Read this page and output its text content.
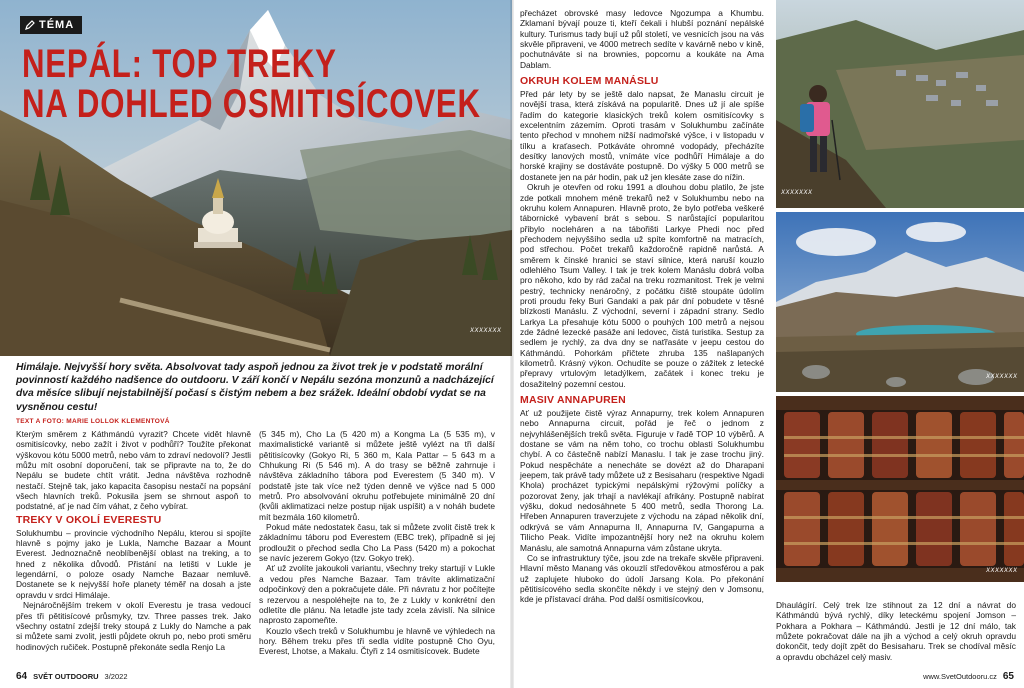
TÉMA
NEPÁL: TOP TREKY
NA DOHLED OSMITISÍCOVEK
XXXXXXX
Himálaje. Nejvyšší hory světa. Absolvovat tady aspoň jednou za život trek je v podstatě morální povinností každého nadšence do outdooru. V září končí v Nepálu sezóna monzunů a nadcházející dva měsíce slibují nejstabilnější počasí s čistým nebem a bez srážek. Ideální období vydat se na vysněnou cestu!
TEXT A FOTO: MARIE LOLLOK KLEMENTOVÁ

Kterým směrem z Káthmándú vyrazit? Chcete vidět hlavně osmitisícovky, nebo zažít i život v podhůří? Toužíte překonat výškovou kótu 5000 metrů, nebo vám to zdraví nedovolí? Jestli můžu mít osobní doporučení, tak se připravte na to, že do Nepálu se budete chtít vrátit. Jedna návštěva rozhodně nestačí. Stejně tak, jako kapacita časopisu nestačí na popsání všech hlavních treků. Pokusila jsem se shrnout aspoň to podstatné, ať je nad čím váhat, z čeho vybírat.

TREKY V OKOLÍ EVERESTU

Solukhumbu – provincie východního Nepálu, kterou si spojíte hlavně s pojmy jako je Lukla, Namche Bazaar a Mount Everest. Jednoznačně neoblíbenější oblast na treking, a to hned z několika důvodů. Přistání na letišti v Lukle je legendární, o poloze osady Namche Bazaar nemluvě. Dostanete se k nejvyšší hoře planety téměř na dosah a jste opravdu v srdci Himálaje.

Nejnáročnějším trekem v okolí Everestu je trasa vedoucí přes tři pětitisícové průsmyky, tzv. Three passes trek. Jako všechny ostatní zdejší treky stoupá z Lukly do Namche a pak si můžete sami zvolit, jestli půjdete okruh po, nebo proti směru hodinových ručiček. Postupně překonáte sedla Renjo La

(5 345 m), Cho La (5 420 m) a Kongma La (5 535 m), v maximalistické variantě si můžete ještě vylézt na tři další pětitisícovky (Gokyo Ri, 5 360 m, Kala Pattar – 5 643 m a Chhukung Ri (5 546 m). A do trasy se běžně zahrnuje i návštěva základního tábora pod Everestem (5 340 m). V podstatě jste tak více než týden denně ve výšce nad 5 000 metrů. Pro absolvování okruhu potřebujete minimálně 20 dní (kvůli aklimatizaci nelze postup nijak uspíšit) a v noháh budete mít bezmála 160 kilometrů.

Pokud máte nedostatek času, tak si můžete zvolit čistě trek k základnímu táboru pod Everestem (EBC trek), případně si jej prodloužit o přechod sedla Cho La Pass (5420 m) a pokochat se navíc jezerem Gokyo (tzv. Gokyo trek).

Ať už zvolíte jakoukoli variantu, všechny treky startují v Lukle a vedou přes Namche Bazaar. Tam trávíte aklimatizační odpočinkový den a pokračujete dále. Při návratu z hor počítejte s rezervou a nespoléhejte na to, že z Lukly v konkrétní den odletíte dle plánu. Na letadle jste tady zcela závislí. Na silnice naprosto zapomeňte.

Kouzlo všech treků v Solukhumbu je hlavně ve výhledech na hory. Během treku přes tři sedla vidíte postupně Cho Oyu, Everest, Lhotse, a Makalu. Čtyři z 14 osmitisícovek. Budete

64 SVĚT OUTDOORU 3/2022

přecházet obrovské masy ledovce Ngozumpa a Khumbu. Zklamaní bývají pouze ti, kteří čekali i hlubší poznání nepálské kultury. Turismus tady bují už půl století, ve vesnicích jsou na vás skvěle připraveni, ve 4000 metrech sedíte v kavárně nebo v kině, pochutnáváte si na brownies, popcornu a koukáte na Ama Dablam.

OKRUH KOLEM MANÁSLU

Před pár lety by se ještě dalo napsat, že Manaslu circuit je novější trasa, která získává na popularitě. Dnes už jí ale spíše řadím do kategorie klasických treků kolem osmitisícovky s excelentním zázemím. Oproti trasám v Solukhumbu začínáte tento přechod v mnohem nižší nadmořské výšce, i v listopadu v tílku a kraťasech. Potkáváte ohromné vodopády, přecházíte desítky lanových mostů, vnímáte více podhůří Himálaje a do horské krajiny se dostáváte postupně. Do výšky 5 000 metrů se dostanete jen na pár hodin, pak už jen klesáte zase do nížin.

Okruh je otevřen od roku 1991 a dlouhou dobu platilo, že jste zde potkali mnohem méně trekařů než v Solukhumbu nebo na okruhu kolem Annapuren. Hlavně proto, že bylo potřeba veškeré tábornické vybavení brát s sebou. S narůstající popularitou přibylo nocleháren a na tábořišti Larkye Phedi noc před přechodem nejvyššího sedla už spíte komfortně na matracích, pod střechou. Počet trekařů každoročně rapidně narůstá. A směrem k čínské hranici se staví silnice, která naruší kouzlo odlehlého Tsum Valley. I tak je trek kolem Manáslu dobrá volba pro někoho, kdo by rád začal na treku rozmanitost. Trek je velmi pestrý, technicky nenáročný, z počátku čiště stoupáte údolím proti proudu řeky Buri Gandaki a pak pár dní pobudete v těsné blízkosti Manáslu. Z východní, severní i západní strany. Sedlo Larkya La přesahuje kótu 5000 o pouhých 100 metrů a nejsou zde žádné lezecké pasáže ani ledovec, čistá turistika. Sestup za sedlem je rychlý, za dva dny se naťřasáte v jeepu cestou do Káthmándú. Pohorkám přičtete zhruba 135 našlapaných kilometrů. Krásný výkon. Ochudíte se pouze o zážitek z letecké přepravy vrtulovým letadýlkem, začátek i konec treku je dosažitelný pozemní cestou.

MASIV ANNAPUREN

Ať už použijete čistě výraz Annapurny, trek kolem Annapuren nebo Annapurna circuit, pořád je řeč o jednom z nejvyhlášenějších treků světa. Figuruje v řadě TOP 10 výběrů. A dostane se vám na něm toho, co trochu oblasti Solukhumbu chybí. A co částečně nabízí Manaslu. I tak je zase trochu jiný. Pokud nespěcháte a nenecháte se dovézt až do Dharapani jeepem, tak právě tady můžete už z Besisaharu (respektive Ngadi Khola) procházet typickými nepálskými rýžovými políčky a pozorovat ženy, jak trhají a navlékají afrikány. Postupně nabírat výšku, dokud nedosáhnete 5 400 metrů, sedla Thorong La. Hřeben Annapuren traverzujete z východu na západ několik dní, odkrývá se vám Annapurna II, Annapurna IV, Gangapurna a Tilicho Peak. Vidíte impozantnější hory než na okruhu kolem Manáslu, ale samotná Annapurna vám zůstane ukryta.

Co se infrastruktury týče, jsou zde na trekaře skvěle připraveni. Hlavní město Manang vás okouzlí středověkou atmosférou a pak už zaplujete hluboko do údolí Jarsang Kola. Po překonání pětitisícového sedla skončíte někdy i ve stejný den v Jomsonu, kde je přístavací dráha. Pod další osmitisícovkou,

XXXXXXX
XXXXXXX
XXXXXXX

Dhaulágírí. Celý trek lze stihnout za 12 dní a návrat do Káthmándú bývá rychlý, díky leteckému spojení Jomson – Pokhara a Pokhara – Káthmándú. Jestli je 12 dní málo, tak můžete pokračovat dále na jih a východ a celý okruh opravdu dokončit, tedy dojít zpět do Besisaharu. Trek se chodíval měsíc a opravdu obcházel celý masiv.

www.SvetOutdooru.cz 65
